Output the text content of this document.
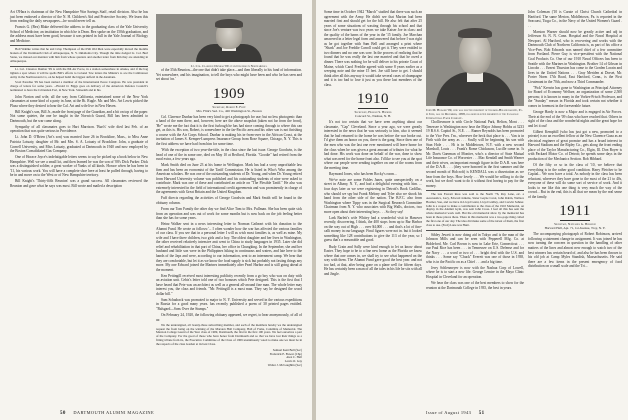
Art O'Hara is chairman of the New Hampshire War Savings Staff, retail division. Also he has just been endorsed a director of the N. H. Children's Aid and Protective Society. We learn this from reading the daily newspapers—he would never tell us.

Francis G. (Bex) Blake delivered the address to the graduating class of the Yale University School of Medicine, an institution in which he is Dean. Bex spoke on the 150th graduation, and the address must have been good, because it was printed in full in the Yale Journal of Biology and Medicine.

Holl Wahlke writes that he and Crisp Thompson of the 65th Old Men were especially moved the months broken of the Dartmouth Club of Albuquerque, N. Y. Oklahoma City. Though the time dodged Lt. Col. Burl Stone, we missed our mention with him from whose quarters and another letter from him they are attending in Albuquerque.

Lt. Col. Clarence Dunbar '09 is with the 8th Air Force, in a station somewhere in Alaska, and if the bag lighten a spot where it will he spells Bill's efforts to Colonel Tow letters the Minnie's to ace the Cambrasser Army in the Northwestern Cs, on he helped build the biggest airfield in the Aleutians.

Scott Paradise '09 has been named a member of the International Peace Congress. He was president in charge of letters for some years. ...Harold O. Biggs goes on delivery of the American Defence Council's nominated to have the Crittenden Fort, in New York. Sixteenth and in his.

John Norton and wife, all the way from California, entertained some of the New York classmates at some kind of a party in June, at the Rt. Rugle. Mr. and Mrs. Art Lewis picked the Plaza where they desired to hear the Cal. Art and wife live in New Haven.

Bill Knight's son, Bill Jr., made the front page of the Guardian, and a bit on top of the paper. Not some quieter, the one he taught in the Norwich Guard, Bill has been admitted to Dartmouth, but the war came along.

Sympathy of all classmates goes to Hart Marrison. 'Burt's' wife died last Feb. of an operation that was quite serious in Providence.

Lt. John D. O'Brien (Art's son) was married June 26 in Brookline, Mass., to Miss Anne Patricia Lotuaty, daughter of Mr. and Mrs. S. A. Lotuaty of Brookline. John, a graduate of Cornell University, and Miss Lotuaty, graduated at Dartmouth in 1940 and now employed by the Boston Consolidated Gas Company.

One of Horace Joyce's indefatigable letters seems to say he picked up a book below in New Hampshire. Well we see a small lot, and then learned he was the son of '08's Dick Parker. Dick was a distinguished soldier, a great worker of Yanks of all kinds. Horace when he has been in '11, his various work. You will have a complete shoe here at least he pulled through, having to be in and move on to the West or of New Hampshire territory.

Bill Knight's 'Thirty-fifth Reunion' was a grand success. All classmates reviewed the Reunion and gave what he says was most. Bill wrote and mailed a description

Lt. Col. Clarence Dunbar '09 at station here in North Africa

of the 35th Reunion—the one that didn't take place—and then liberally to his fund of information. Yet somewhere, and his imagination, to tell the boys who might have been and who he has seen and set about 'on.'

1909
Secretary, Robert E. Flint
Mrs. Flint's Sed. Co., 426 Washington St., Boston

Col. Clarence Dunbar has been very kind to get a photograph for use; but no less photogenic than a hand of the men there, and, however, here are the above snapshot (taken not far from the front), 'He''' wrote me the fact that it is the first furlough he has had since coming through to where this can get, as this is. His son, Robert, is somewhere in the far-Pacific area and his other son is not finishing a course with the Air Corps School. Dunbar is making his in-from-over in the African Coast, at the invitation of James S. Kemper-Lumpress Insurance Group from Rose Square, Chicago, N. Y. This is the first address we have had from him for some time.

'With the exception of two year-the-title, in the class since the last issue. George Goodwin, is the head of one of the in some one, died on May 10 at Bedford, Florida. "Goodie" had retired from the rural extra, a few years ago.

Mark Smith died on June 23 at his home in Wellington. Mark has had a sorry unprofitable law firm and has been an economist of the Tariff Commission. He is listed in Who's Who among the American scholars. He was one of the outstanding students of Dr. Young, and when Dr. Young retired from Harvard University volume was published and his outstanding students of nine were asked to contribute. Mark was one of these and contributed an article on "The Flexible Tariff." He also was extremely interested in the field of international credit agreements and was prominently in charge of the agreements with Great Britain and the United Kingdom.

Fuff directs regarding the activities of George Goodwin and Mark Smith will be found in the obituary column.

From our Tom Family the other day we find Alice Tom to Mrs. Pullman. She has been quite sick from an operation and was out of work for some months but is now back on the job feeling better than she has for some years.

Heinz Walker sent in a news interesting letter to Norman Catheart with his donation to the Alumni Fund. He wrote as follows:'... I often wonder how the war has affected the various families of our class. If you see that in a personal letter I will as wish most families is, as well as mine. My wife and I have three children, two girls and a boy. The oldest daughter and her lives in Washington, the other received relatively intensive anti went to China to study languages in 1935. Later she did relief and rehabilitation in that part of China, her office in Chungking. In the September, she and her husband and little son were in the Philippines hiking in continuous and waters, and late here to the hands of the Japs and were, according to our information, sent to an internment camp. We hear that they are comfortable, but let it as we know the food supply is sick but probably not fasting things any more. My one Edward joined the Marines immediately after Pearl Harbor and is still going ahead at the moment.

Ken Pettingill received most interesting publicity recently from a go boy who was on duty with an aviation unit. Cebis's letter told one of two bonuses which Pete designed. This is the first that I have heard that Pete was an architect as well as a general all-around fine man. The whole letter may interest you, the class and friends. "Mr. Pettingill is a most man. They say he designed the wood dollar bill."

Sam Schadrack was promoted to major to N. Y. University and served in the various expeditions in Russia for a good many years. has recently published a poem of 30 printed pages entitled. "Balsgard—Sons Over the Stumps."

On February 24, 1920, the following obituary appeared, we regret, to hear anonymously, of all of us:

We the undersigned, all twenty-three subscribing member, and each of the members hereby we the undersigned request the from being on the winning of the Marston Hall Company, Hall of Fame, Columbia of Memorial. The Marston College Guard of the Year class of 1909, Dartmouth, the first in the first 100 years. We feel ourselves a part of the Company. For the good of those who have honor from Dartmouth and so that we have lost their things as a fitting tribute from its, the Executive Committee of the Class of 1909 unanimously voted to make one we must be in the respects of the class Garden at its best Class.

Samuel Kent Bell (Sec)
Frederick E. Bower (Chp)
Alex C. Hall
Lewis O. Gay
Walter J. McLaughlin (Sec)

50 DARTMOUTH ALUMNI MAGAZINE

Some time in October 1942 "March" studied that there was such an agreement with the Army. He didn't see that Marion had been married first and should get for the bill. He also felt that after 25 years of some situations of wasting through his school and that since Joe's venture was two years we take Kaiser Joe in class: and the quality of the barns of the year in the '15 family. Joe Marchan answered in a letter legal form and answered that before I was right as he got together with Sam Bell and arranged a print where "Shark" and Joe Freddie Carroll could get it. They were entitled to two dinners and no one was sore. In the process of realizing that he found that he was really the last one married and that he owed a dinner. There was nothing for he will deliver to his private Court of Maine, which Carol Freddie agreed with some 8 years earlier as a weeping note and the mine 15 feet. Joe still have to get. I should think after all this anyway it would take several cases of champagne and it is too bad to lose it just as you these last members of the class.

1910
Secretary, Harold S. Hopkins
Concord St., Nashua, N. H.

It's not too certain that we have seen anything about our classmate, "Cap" Cleveland. Since a year ago, we were greatly interested in the news that he was seriously to him, also it seemed that he had returned to the home he was before the war broke out. I'd give them an honor on you, there is the gang. Since then one of the men who was the last one ever mentioned will leave home for the class when he was given a great amount of tributes for what he had done. His work was done on behalf of the war, done to show what was need for the home front also. I'd like to see you at the spot where our people were sending together on one of the rooms from the meeting time.

Raymond Jones, who has been Rocky's room...

We've note are some Fiddes Janes, quite unexpectedly on a street in Albany, N. Y., and had a delightful evening with him. ... four days later as we were registering in Detroit's Book Cadillac, who should we spy but Frank Melony and Tyler also we shook his hand from the other side of the nation. The B.F.C. also from Washington where Tippy was in the Surgical Research Committee Chairman from N. Y. who associates with Big Walls, doctors, two more open about their interesting boys . . . So they say!

Lark Barlett's wife Whitey had a wonderful visit in Hanover recently, discovering, I think, the 400 stops from up to Bar Harbor on the way out of High . . . over $4,000 . . . and that's a lot of fine-calli money in our language. Final figures were not in. but it looked something like 128 contributions to give the 113 of the year, so I guess that's a reasonable and good.

Rudy Crain and Sally were kind enough to let us know about Easter. They hope to be to a fine new home as the Florida we know where that one comes in, we shall try to see what happened on the way with them. The Alumni Fund gave good the best year. and not too bad, at that, after being gone on a plane well for fifteen days. He has certainly been a man of all the tales in his life he sits with all and Jingle.

John M. Howard '09, who was elected president of Cramer-Hollingsworth, Pa. in June, was on December, 1958, has been elected president of the Canadian International Paper Company.

Cholliesmore is with Circle National Park, Helton, Mont . . . Tenessee is Washington now hear the Major Johnny Hobbs at 3233 19 B.S.S. Capitol St., N.E. . . . Ramer Reynolds has been promoted to the Vice Pres. I'm., wherever the heck that place is . . . Van is in Firth with the army as . . . Scully will be beginning his son with Stan Hole . . . Hi is in Middletown, N.Y. with a new second Marshall, Louis . . . Frank's Rome Chickasaw, Lucille came in. Is Mr. Davis Gaerman of Moniter, who's a director of State Mutual Life Insurance Co. of Worcester . . . Mac Kendall and Smith Warner and their wives, an important enough figure in the D.A.R. was here of the D.A.R. . . . (they were honored in the first summer and the second month of Holcroft) is KENDALL was a dissertation as we hear from the boys. How lovely . . . We would be willing to do the work, but we don't want to do it without first having to pay for the money.

The late Everett Ross was sold to the North '76, Ray Lane, etc. a Aeronautics, Lucy, Edward Jenkins, Sister Gayne Carol, John Rabin, Wallace Hosmer, Sue, and we have in Lloyd Grant, Lloyd Gridley, and Corwin Sahner. John is a cooper to make a contribution to the class of the 1910 Memorial, on display in the Alumni Gym, was sent John Cross. I feel all this has sent the whole memorial work well. But the old memorial show by the memorial has been in those places there. There in this memorial was a two-page thing called the first one of our day. The idea did make some of the nicest of them, the first class to use. (Fred) Lane was Hunt.

Sibley Jewett is now doing aid in Tokyo and is the man of the Johnson Mills and can be seen with Pepperell Mfg. Co. at Biddeford, Me. Carl Brown is now in Lake Erie, Connecticut . . . our Paul Rice has been . . . in Tennessee on U.S. Defense and for the Navy . . . a word or two of . . . bright deal with the U.S. and thinks . . . Some say "Chuck" Everett was one of those in 1938, who is in the Pacific on as a Chief . . . and a big time.

Jerry Schlesmeyer is now with the Nashua Corp of Lowell, where he is to start a new life. George Lemire in the Mayo Clinic Hospital in Cleveland for an operation.

We hear the class was one of the best members to show for the reunion at the Dartmouth College in 1935, the best in years.

John Coleman ('10 is Curate of Christ Church Cathedral in Hartford. The same Merion, Middletown, Pa. is reported in the Seacoast, Tioga Co., in the Navy of the United Women's Guard . . .

Marston Warner should now be greatly active and adj in Jefferson St. N. N. Conn. Hospital and the Naval Hospital at Newport. Al Hartford, who is recovering and works with the Dartmouth Club of Northern California is, as part of his office a Vice-Pres. Bob Edwards was named chief of a few committee from Portland. Pierre Guy is vice-president with the National Coal Products Co. One of our 1910 Naval Officers has been to Seattle with the Marines in Washington. Brother 14 of Gibson in Lincoln . . . Ernest Thurston has come to the Gorden Lorain and lives in the United Nations . . . Gray Meriden at Dorset, Mr. Porter Norm 17th Road, East Hartford, Conn., is the First Lieutenant in the 70th, and now a Third Commander.

"Pick" Kerwin has gone to Washington as Principal Attorney for Board of Economy Welfare, an organization of some 2,500 persons; it is known to many in the Vorkes-Frisch Professor, and the "Sunday" reason in Florida and took certain not whether it comes in foremost in the foreseeable future.

George Hardy is now a Major and is engaged in Air Forces. Their at the end of the '09 class who have reached that. Others in sight of the class and the wonderful nights and the great hope for and let it out!

Gilbert Kemphill (who has just got a new, promoted to a private) is no an excellent fellow at the New Clarence Gaza as an electrical engineer of great promise and has a broad interest in Harvard Stadium and the Ripley Co., gets along the front ending place of the Taylor Manufacturing Co., Elgin, Ill. Don Boyer is with Packard Motor Co. of Detroit; he spends some days in the production of the Mechanics Section. Bob Hibbard.

Of the fifty or so in the class of '10, we believe that everything is in the rather good condition. Harry Fletcher to be Capital... We now have a total. As nobody in the class has been reluctant, wherever they have gone to the most of the 21 to 40s, everyone of these will do some sort of service of work. And it looks to me like this one thing is very much the way of the crowd... But in the end, this is all that we mean by the real sense of the family.

1911
Secretary, Nathaniel G. Burleigh
Harvard Hall, Apt. 71, 1st Avenue, Troy, N. Y.

The accompanying photograph of Robert Robinson, arrived following a statement change in assignment. It was joined he has now turning the concern in question in the handling of other matters of the lines and almost new enough to watch two of the best winners has certain heard of, and also he has been thrown to his old job at Camp Myles Standish, Massachusetts. He said there are a few items in the present emergency of food distribution on a small scale and the Tri...

Issue of August 1943 51
